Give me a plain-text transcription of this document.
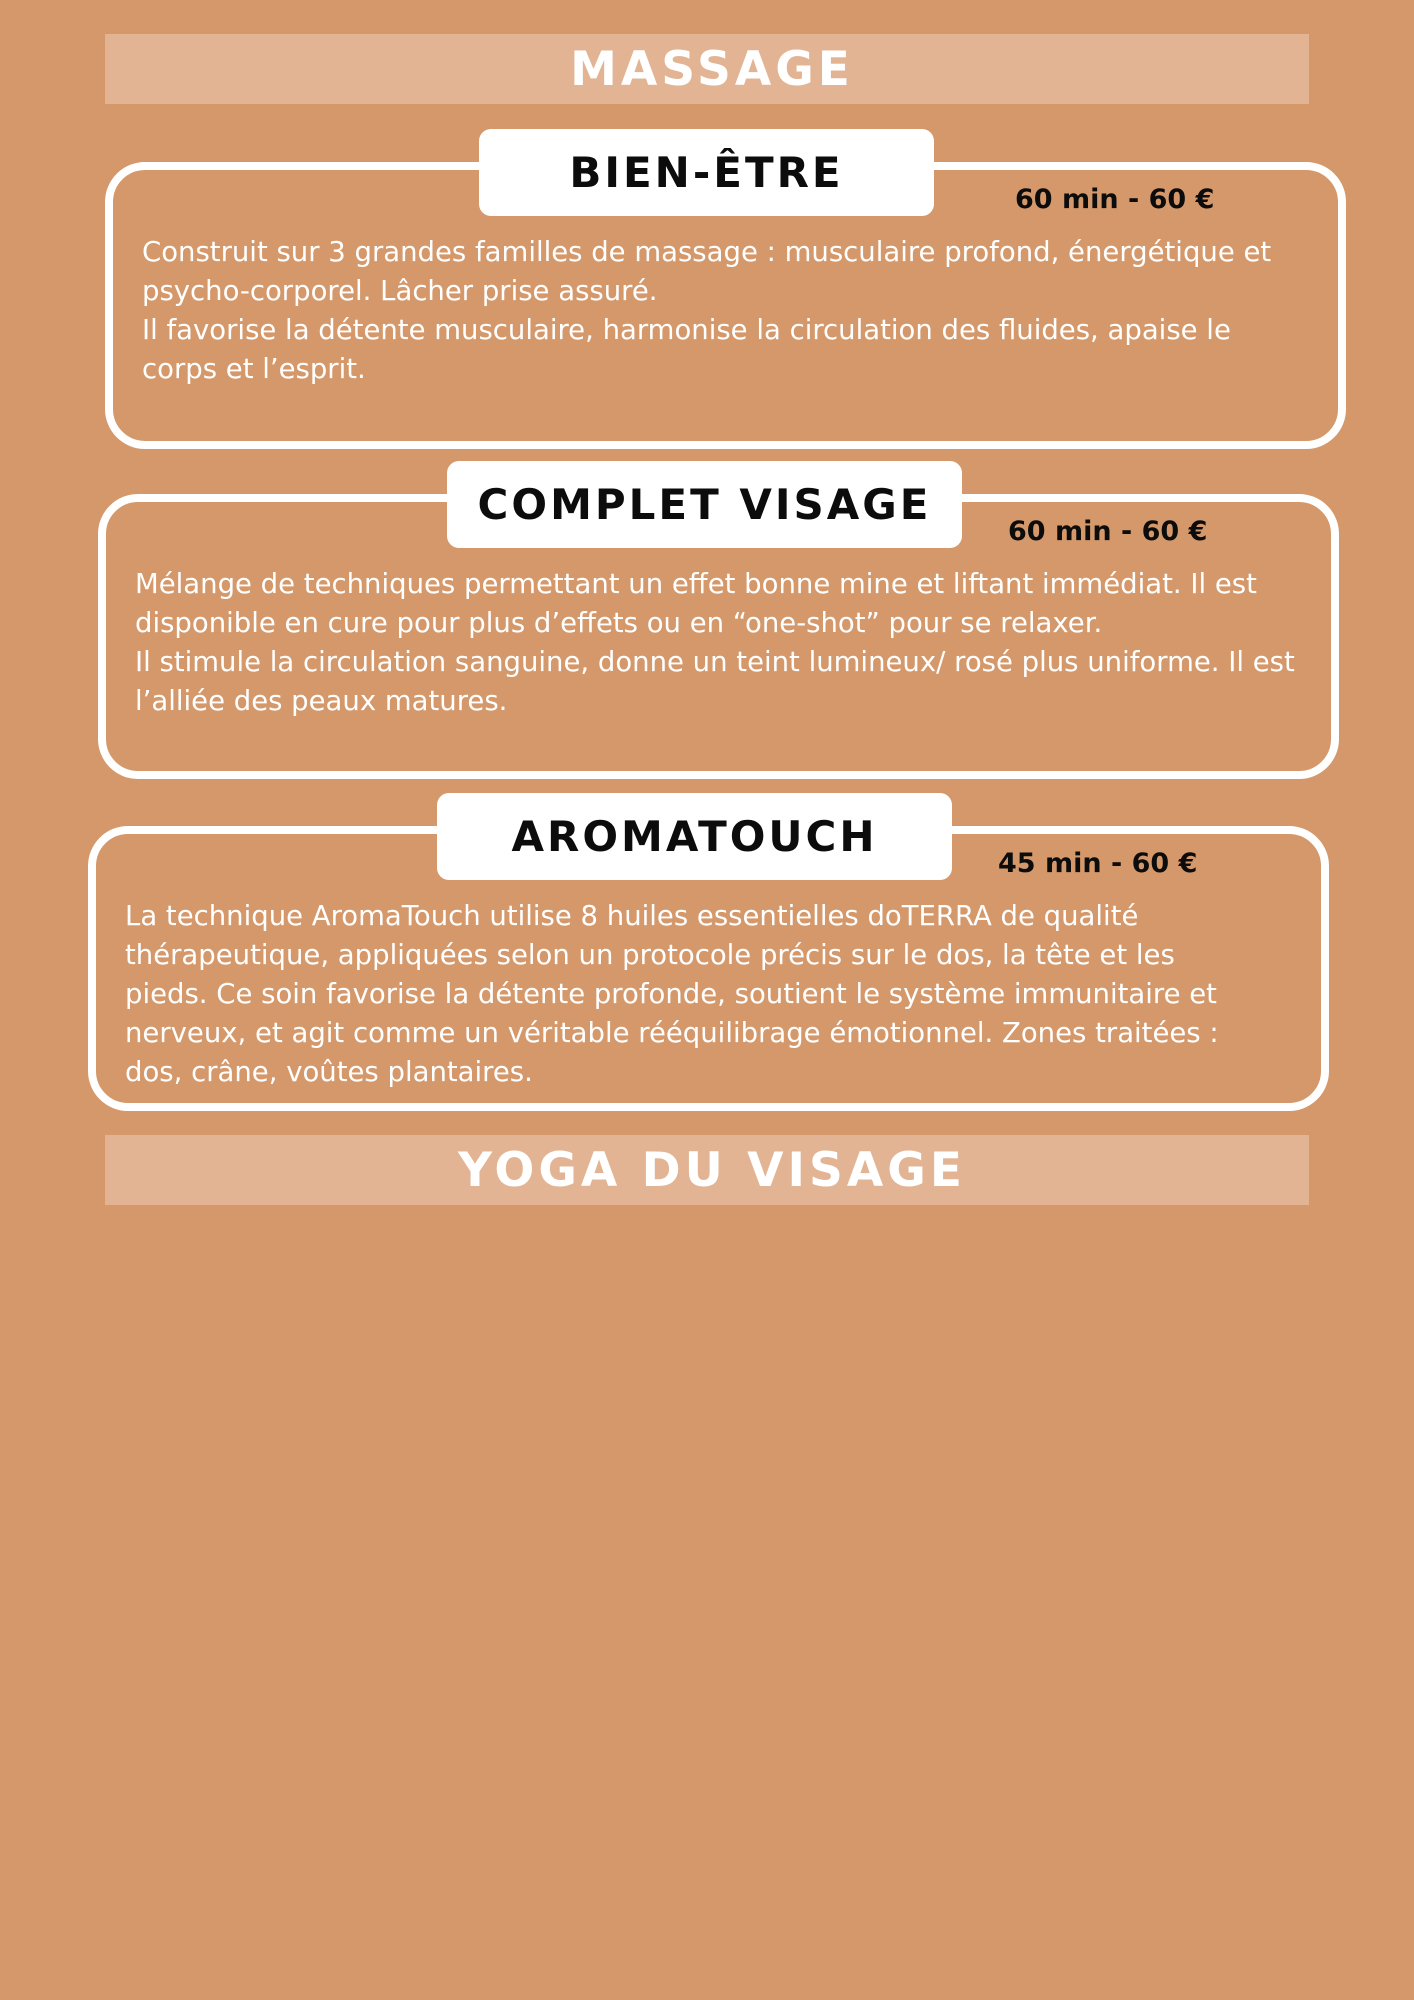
MASSAGE
BIEN-ÊTRE
60 min - 60 €
Construit sur 3 grandes familles de massage : musculaire profond, énergétique et
psycho-corporel. Lâcher prise assuré.
Il favorise la détente musculaire, harmonise la circulation des fluides, apaise le
corps et l’esprit.
COMPLET VISAGE
60 min - 60 €
Mélange de techniques permettant un effet bonne mine et liftant immédiat. Il est
disponible en cure pour plus d’effets ou en “one-shot” pour se relaxer.
Il stimule la circulation sanguine, donne un teint lumineux/ rosé plus uniforme. Il est
l’alliée des peaux matures.
AROMATOUCH
45 min - 60 €
La technique AromaTouch utilise 8 huiles essentielles doTERRA de qualité
thérapeutique, appliquées selon un protocole précis sur le dos, la tête et les
pieds. Ce soin favorise la détente profonde, soutient le système immunitaire et
nerveux, et agit comme un véritable rééquilibrage émotionnel. Zones traitées :
dos, crâne, voûtes plantaires.
YOGA DU VISAGE
